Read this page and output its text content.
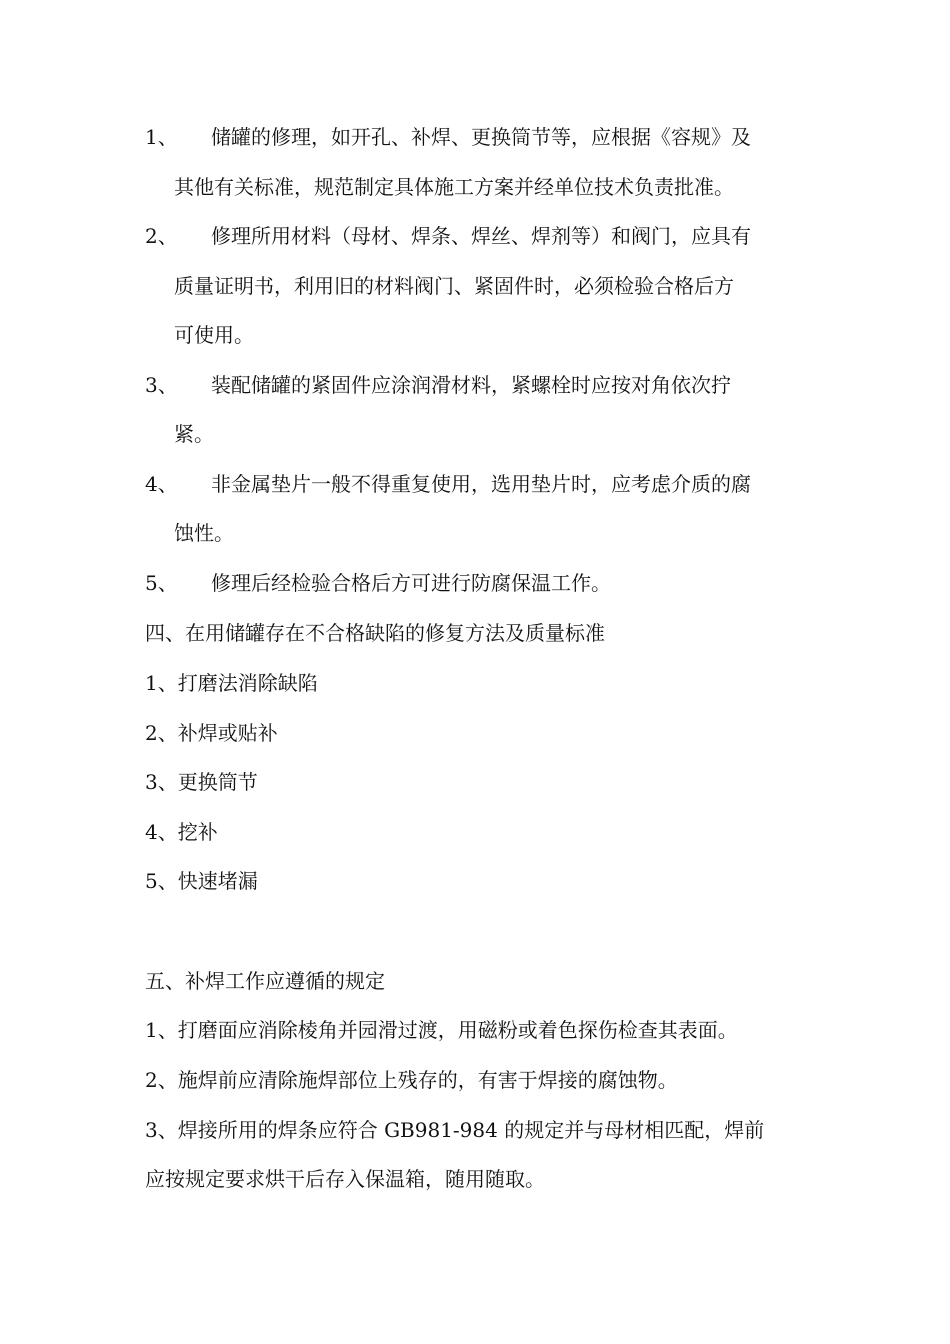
1、 储罐的修理，如开孔、补焊、更换筒节等，应根据《容规》及
其他有关标准，规范制定具体施工方案并经单位技术负责批准。
2、 修理所用材料（母材、焊条、焊丝、焊剂等）和阀门，应具有
质量证明书，利用旧的材料阀门、紧固件时，必须检验合格后方
可使用。
3、 装配储罐的紧固件应涂润滑材料，紧螺栓时应按对角依次拧
紧。
4、 非金属垫片一般不得重复使用，选用垫片时，应考虑介质的腐
蚀性。
5、 修理后经检验合格后方可进行防腐保温工作。
四、在用储罐存在不合格缺陷的修复方法及质量标准
1、打磨法消除缺陷
2、补焊或贴补
3、更换筒节
4、挖补
5、快速堵漏
五、补焊工作应遵循的规定
1、打磨面应消除棱角并园滑过渡，用磁粉或着色探伤检查其表面。
2、施焊前应清除施焊部位上残存的，有害于焊接的腐蚀物。
3、焊接所用的焊条应符合 GB981-984 的规定并与母材相匹配，焊前
应按规定要求烘干后存入保温箱，随用随取。
